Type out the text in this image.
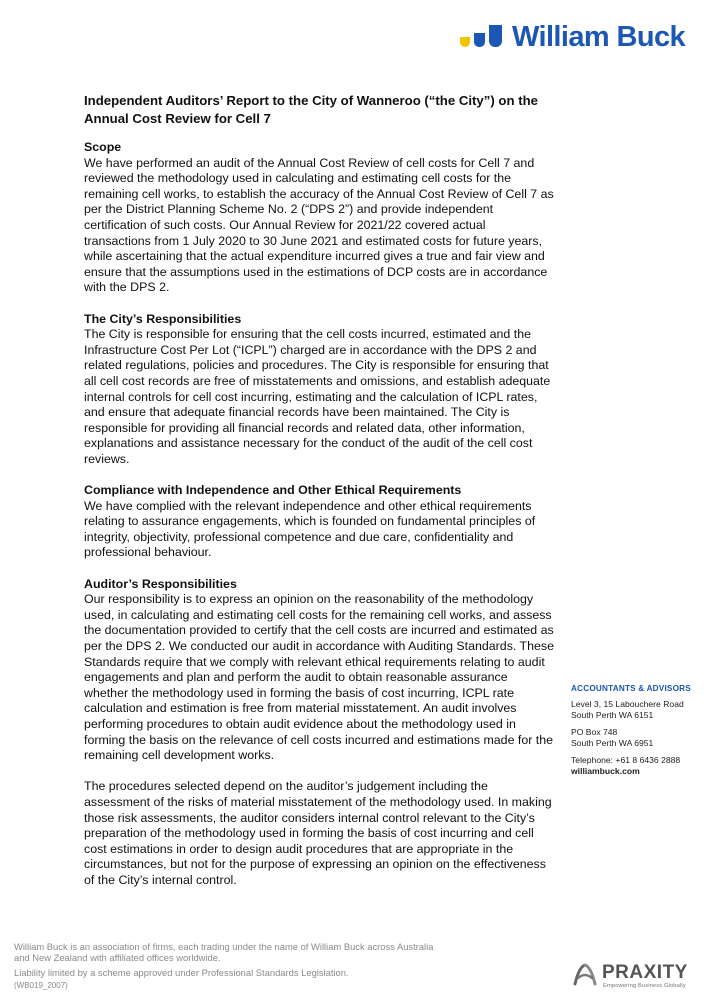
William Buck
Independent Auditors’ Report to the City of Wanneroo (“the City”) on the Annual Cost Review for Cell 7
Scope

We have performed an audit of the Annual Cost Review of cell costs for Cell 7 and reviewed the methodology used in calculating and estimating cell costs for the remaining cell works, to establish the accuracy of the Annual Cost Review of Cell 7 as per the District Planning Scheme No. 2 (“DPS 2”) and provide independent certification of such costs. Our Annual Review for 2021/22 covered actual transactions from 1 July 2020 to 30 June 2021 and estimated costs for future years, while ascertaining that the actual expenditure incurred gives a true and fair view and ensure that the assumptions used in the estimations of DCP costs are in accordance with the DPS 2.

The City’s Responsibilities

The City is responsible for ensuring that the cell costs incurred, estimated and the Infrastructure Cost Per Lot (“ICPL”) charged are in accordance with the DPS 2 and related regulations, policies and procedures. The City is responsible for ensuring that all cell cost records are free of misstatements and omissions, and establish adequate internal controls for cell cost incurring, estimating and the calculation of ICPL rates, and ensure that adequate financial records have been maintained. The City is responsible for providing all financial records and related data, other information, explanations and assistance necessary for the conduct of the audit of the cell cost reviews.

Compliance with Independence and Other Ethical Requirements

We have complied with the relevant independence and other ethical requirements relating to assurance engagements, which is founded on fundamental principles of integrity, objectivity, professional competence and due care, confidentiality and professional behaviour.

Auditor’s Responsibilities

Our responsibility is to express an opinion on the reasonability of the methodology used, in calculating and estimating cell costs for the remaining cell works, and assess the documentation provided to certify that the cell costs are incurred and estimated as per the DPS 2. We conducted our audit in accordance with Auditing Standards. These Standards require that we comply with relevant ethical requirements relating to audit engagements and plan and perform the audit to obtain reasonable assurance whether the methodology used in forming the basis of cost incurring, ICPL rate calculation and estimation is free from material misstatement. An audit involves performing procedures to obtain audit evidence about the methodology used in forming the basis on the relevance of cell costs incurred and estimations made for the remaining cell development works.

The procedures selected depend on the auditor’s judgement including the assessment of the risks of material misstatement of the methodology used. In making those risk assessments, the auditor considers internal control relevant to the City’s preparation of the methodology used in forming the basis of cost incurring and cell cost estimations in order to design audit procedures that are appropriate in the circumstances, but not for the purpose of expressing an opinion on the effectiveness of the City’s internal control.

ACCOUNTANTS & ADVISORS
Level 3, 15 Labouchere Road
South Perth WA 6151
PO Box 748
South Perth WA 6951
Telephone: +61 8 6436 2888
williambuck.com
William Buck is an association of firms, each trading under the name of William Buck across Australia
and New Zealand with affiliated offices worldwide.
Liability limited by a scheme approved under Professional Standards Legislation.
(WB019_2007)
PRAXITY
Empowering Business Globally
